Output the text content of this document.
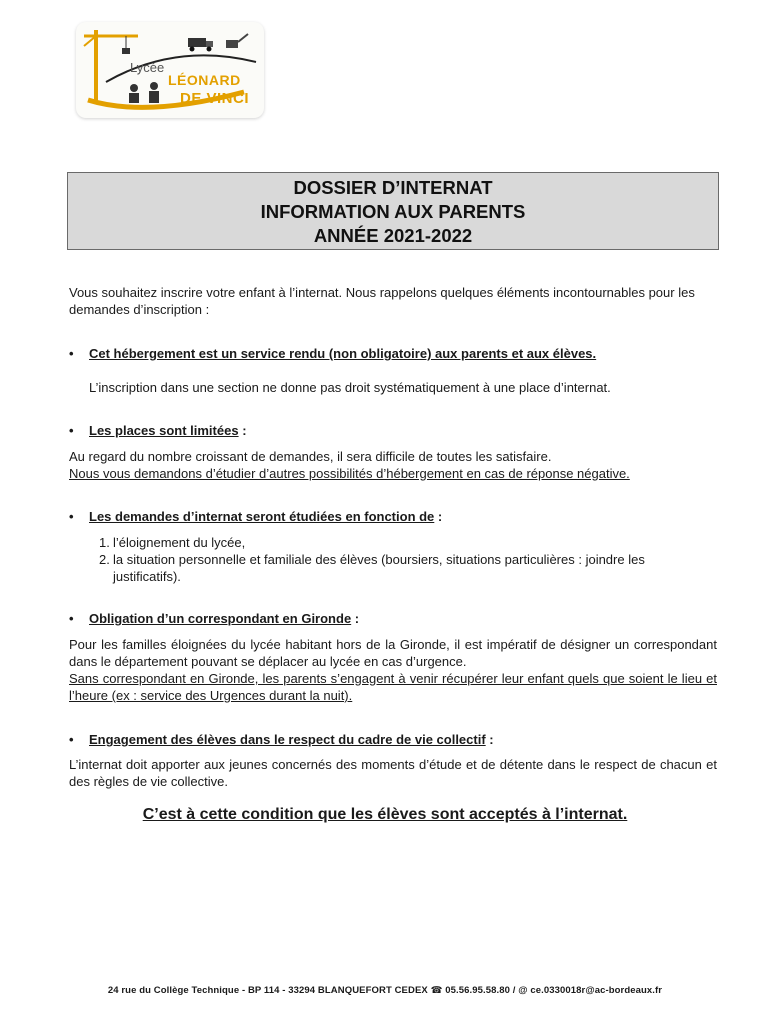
Lycée
LÉONARD
DE VINCI
DOSSIER D’INTERNAT
INFORMATION AUX PARENTS
ANNÉE 2021-2022
Vous souhaitez inscrire votre enfant à l’internat. Nous rappelons quelques éléments incontournables pour les demandes d’inscription :
• Cet hébergement est un service rendu (non obligatoire) aux parents et aux élèves.
L’inscription dans une section ne donne pas droit systématiquement à une place d’internat.
• Les places sont limitées :
Au regard du nombre croissant de demandes, il sera difficile de toutes les satisfaire.
Nous vous demandons d’étudier d’autres possibilités d’hébergement en cas de réponse négative.
• Les demandes d’internat seront étudiées en fonction de :
1. l’éloignement du lycée,
2. la situation personnelle et familiale des élèves (boursiers, situations particulières : joindre les justificatifs).
• Obligation d’un correspondant en Gironde :
Pour les familles éloignées du lycée habitant hors de la Gironde, il est impératif de désigner un correspondant dans le département pouvant se déplacer au lycée en cas d’urgence.
Sans correspondant en Gironde, les parents s’engagent à venir récupérer leur enfant quels que soient le lieu et l’heure (ex : service des Urgences durant la nuit).
• Engagement des élèves dans le respect du cadre de vie collectif :
L’internat doit apporter aux jeunes concernés des moments d’étude et de détente dans le respect de chacun et des règles de vie collective.
C’est à cette condition que les élèves sont acceptés à l’internat.
24 rue du Collège Technique - BP 114 - 33294 BLANQUEFORT CEDEX ☎ 05.56.95.58.80 / @ ce.0330018r@ac-bordeaux.fr
